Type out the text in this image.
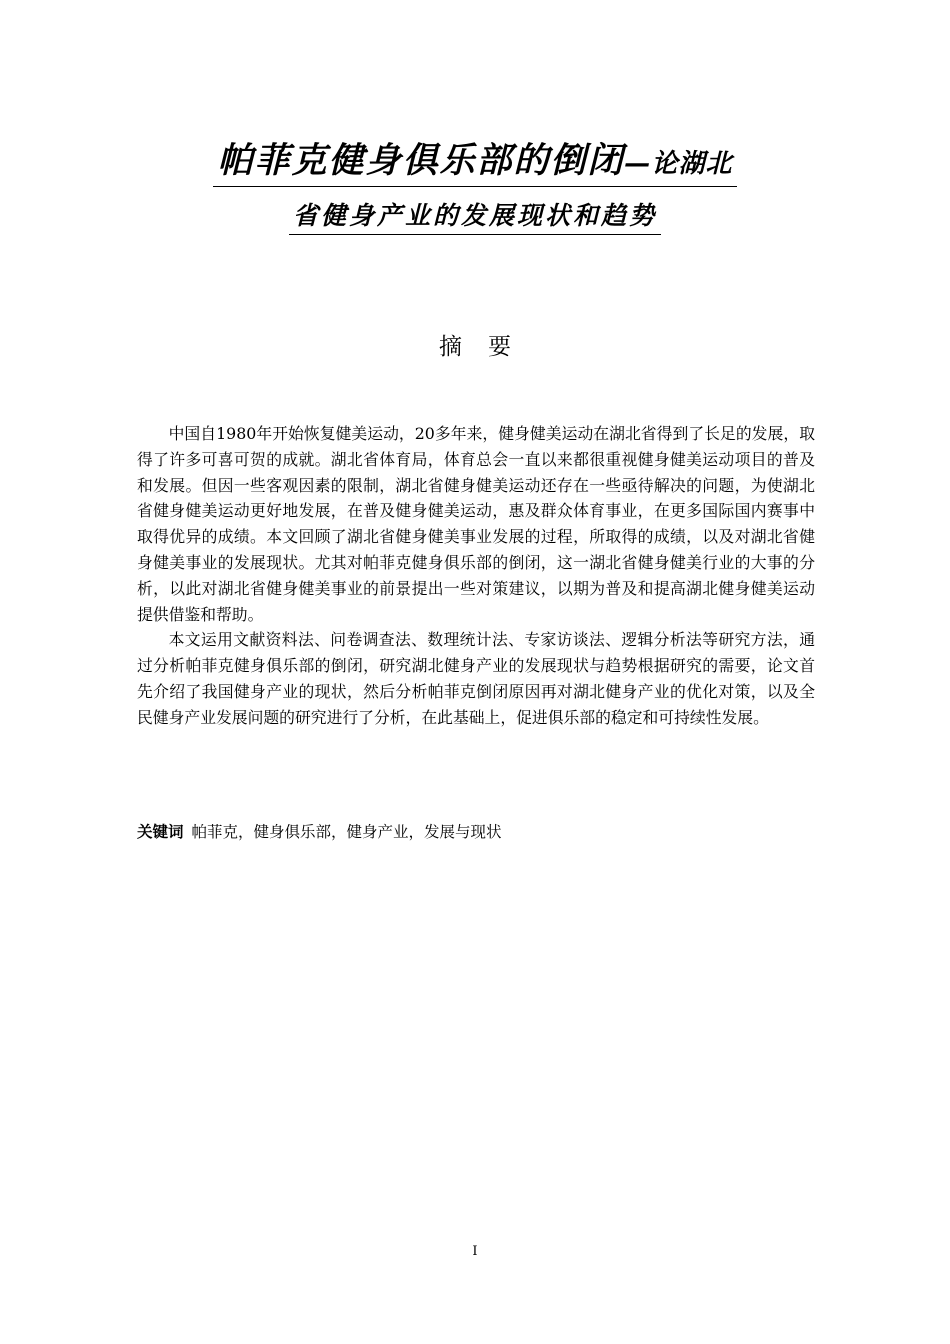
帕菲克健身俱乐部的倒闭—论湖北
省健身产业的发展现状和趋势
摘要

中国自1980年开始恢复健美运动，20多年来，健身健美运动在湖北省得到了长足的发展，取得了许多可喜可贺的成就。湖北省体育局，体育总会一直以来都很重视健身健美运动项目的普及和发展。但因一些客观因素的限制，湖北省健身健美运动还存在一些亟待解决的问题，为使湖北省健身健美运动更好地发展，在普及健身健美运动，惠及群众体育事业，在更多国际国内赛事中取得优异的成绩。本文回顾了湖北省健身健美事业发展的过程，所取得的成绩，以及对湖北省健身健美事业的发展现状。尤其对帕菲克健身俱乐部的倒闭，这一湖北省健身健美行业的大事的分析，以此对湖北省健身健美事业的前景提出一些对策建议，以期为普及和提高湖北健身健美运动提供借鉴和帮助。

本文运用文献资料法、问卷调查法、数理统计法、专家访谈法、逻辑分析法等研究方法，通过分析帕菲克健身俱乐部的倒闭，研究湖北健身产业的发展现状与趋势根据研究的需要，论文首先介绍了我国健身产业的现状，然后分析帕菲克倒闭原因再对湖北健身产业的优化对策，以及全民健身产业发展问题的研究进行了分析，在此基础上，促进俱乐部的稳定和可持续性发展。

关键词 帕菲克，健身俱乐部，健身产业，发展与现状
I
